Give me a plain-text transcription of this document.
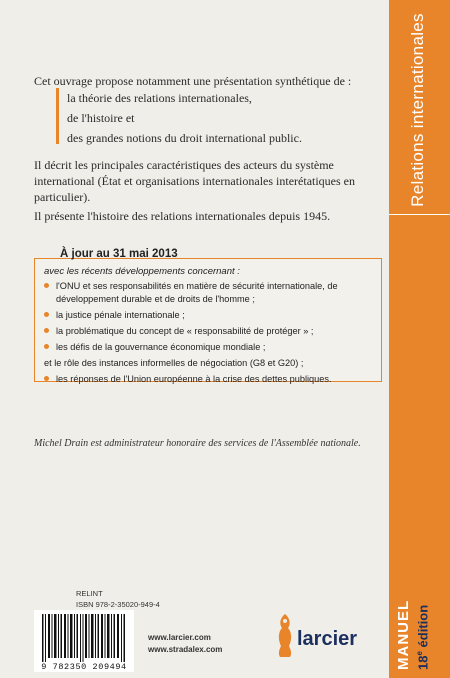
Relations internationales
MANUEL 18e édition

Cet ouvrage propose notamment une présentation synthétique de :

la théorie des relations internationales,
de l'histoire et
des grandes notions du droit international public.

Il décrit les principales caractéristiques des acteurs du système international (État et organisations internationales interétatiques en particulier).

Il présente l'histoire des relations internationales depuis 1945.

À jour au 31 mai 2013
avec les récents développements concernant :
l'ONU et ses responsabilités en matière de sécurité internationale, de développement durable et de droits de l'homme ;
la justice pénale internationale ;
la problématique du concept de « responsabilité de protéger » ;
les défis de la gouvernance économique mondiale ;
et le rôle des instances informelles de négociation (G8 et G20) ;
les réponses de l'Union européenne à la crise des dettes publiques.

Michel Drain est administrateur honoraire des services de l'Assemblée nationale.

RELINT
ISBN 978-2-35020-949-4
9 782350 209494
www.larcier.com
www.stradalex.com	larcier
